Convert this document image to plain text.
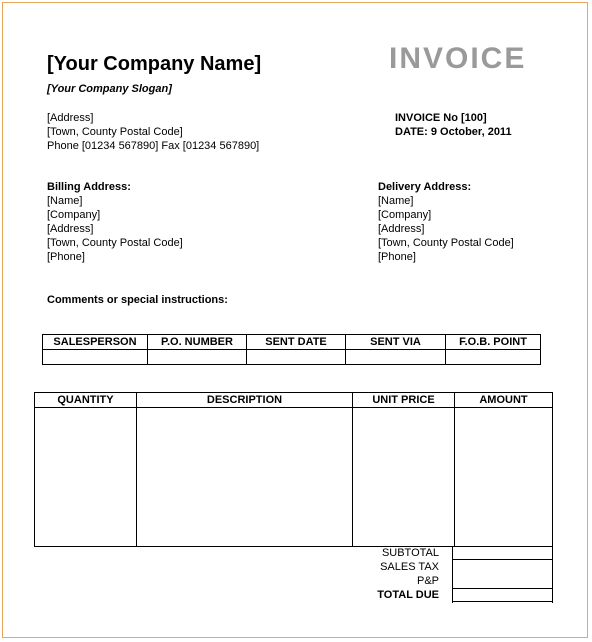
[Your Company Name]
[Your Company Slogan]
INVOICE
[Address]
[Town, County Postal Code]
Phone [01234 567890] Fax [01234 567890]
INVOICE No [100]
DATE: 9 October, 2011
Billing Address:
[Name]
[Company]
[Address]
[Town, County Postal Code]
[Phone]
Delivery Address:
[Name]
[Company]
[Address]
[Town, County Postal Code]
[Phone]
Comments or special instructions:
SALESPERSON	P.O. NUMBER	SENT DATE	SENT VIA	F.O.B. POINT

QUANTITY	DESCRIPTION	UNIT PRICE	AMOUNT

SUBTOTAL
SALES TAX
P&P
TOTAL DUE
